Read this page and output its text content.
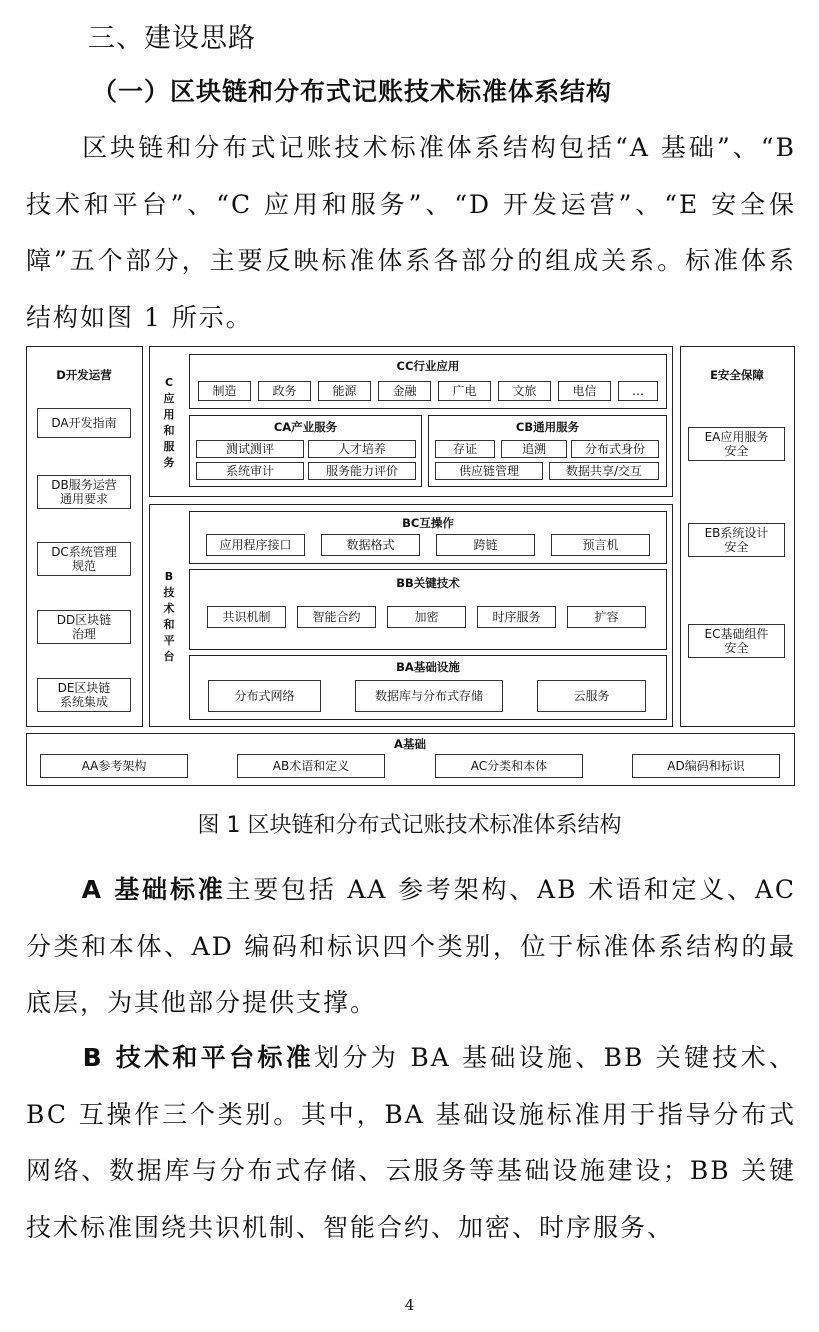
三、建设思路
（一）区块链和分布式记账技术标准体系结构
　　区块链和分布式记账技术标准体系结构包括“A 基础”、“B 技术和平台”、“C 应用和服务”、“D 开发运营”、“E 安全保障”五个部分，主要反映标准体系各部分的组成关系。标准体系结构如图 1 所示。
D开发运营
DA开发指南
DB服务运营
通用要求
DC系统管理
规范
DD区块链
治理
DE区块链
系统集成
E安全保障
EA应用服务
安全
EB系统设计
安全
EC基础组件
安全
C
应
用
和
服
务
CC行业应用
制造	政务	能源	金融	广电	文旅	电信	…
CA产业服务
测试测评	人才培养
系统审计	服务能力评价
CB通用服务
存证	追溯	分布式身份
供应链管理	数据共享/交互
B
技
术
和
平
台
BC互操作
应用程序接口	数据格式	跨链	预言机
BB关键技术
共识机制	智能合约	加密	时序服务	扩容
BA基础设施
分布式网络	数据库与分布式存储	云服务
A基础
AA参考架构	AB术语和定义	AC分类和本体	AD编码和标识
图 1 区块链和分布式记账技术标准体系结构
　　A 基础标准主要包括 AA 参考架构、AB 术语和定义、AC 分类和本体、AD 编码和标识四个类别，位于标准体系结构的最底层，为其他部分提供支撑。
　　B 技术和平台标准划分为 BA 基础设施、BB 关键技术、BC 互操作三个类别。其中，BA 基础设施标准用于指导分布式网络、数据库与分布式存储、云服务等基础设施建设；BB 关键技术标准围绕共识机制、智能合约、加密、时序服务、
4
